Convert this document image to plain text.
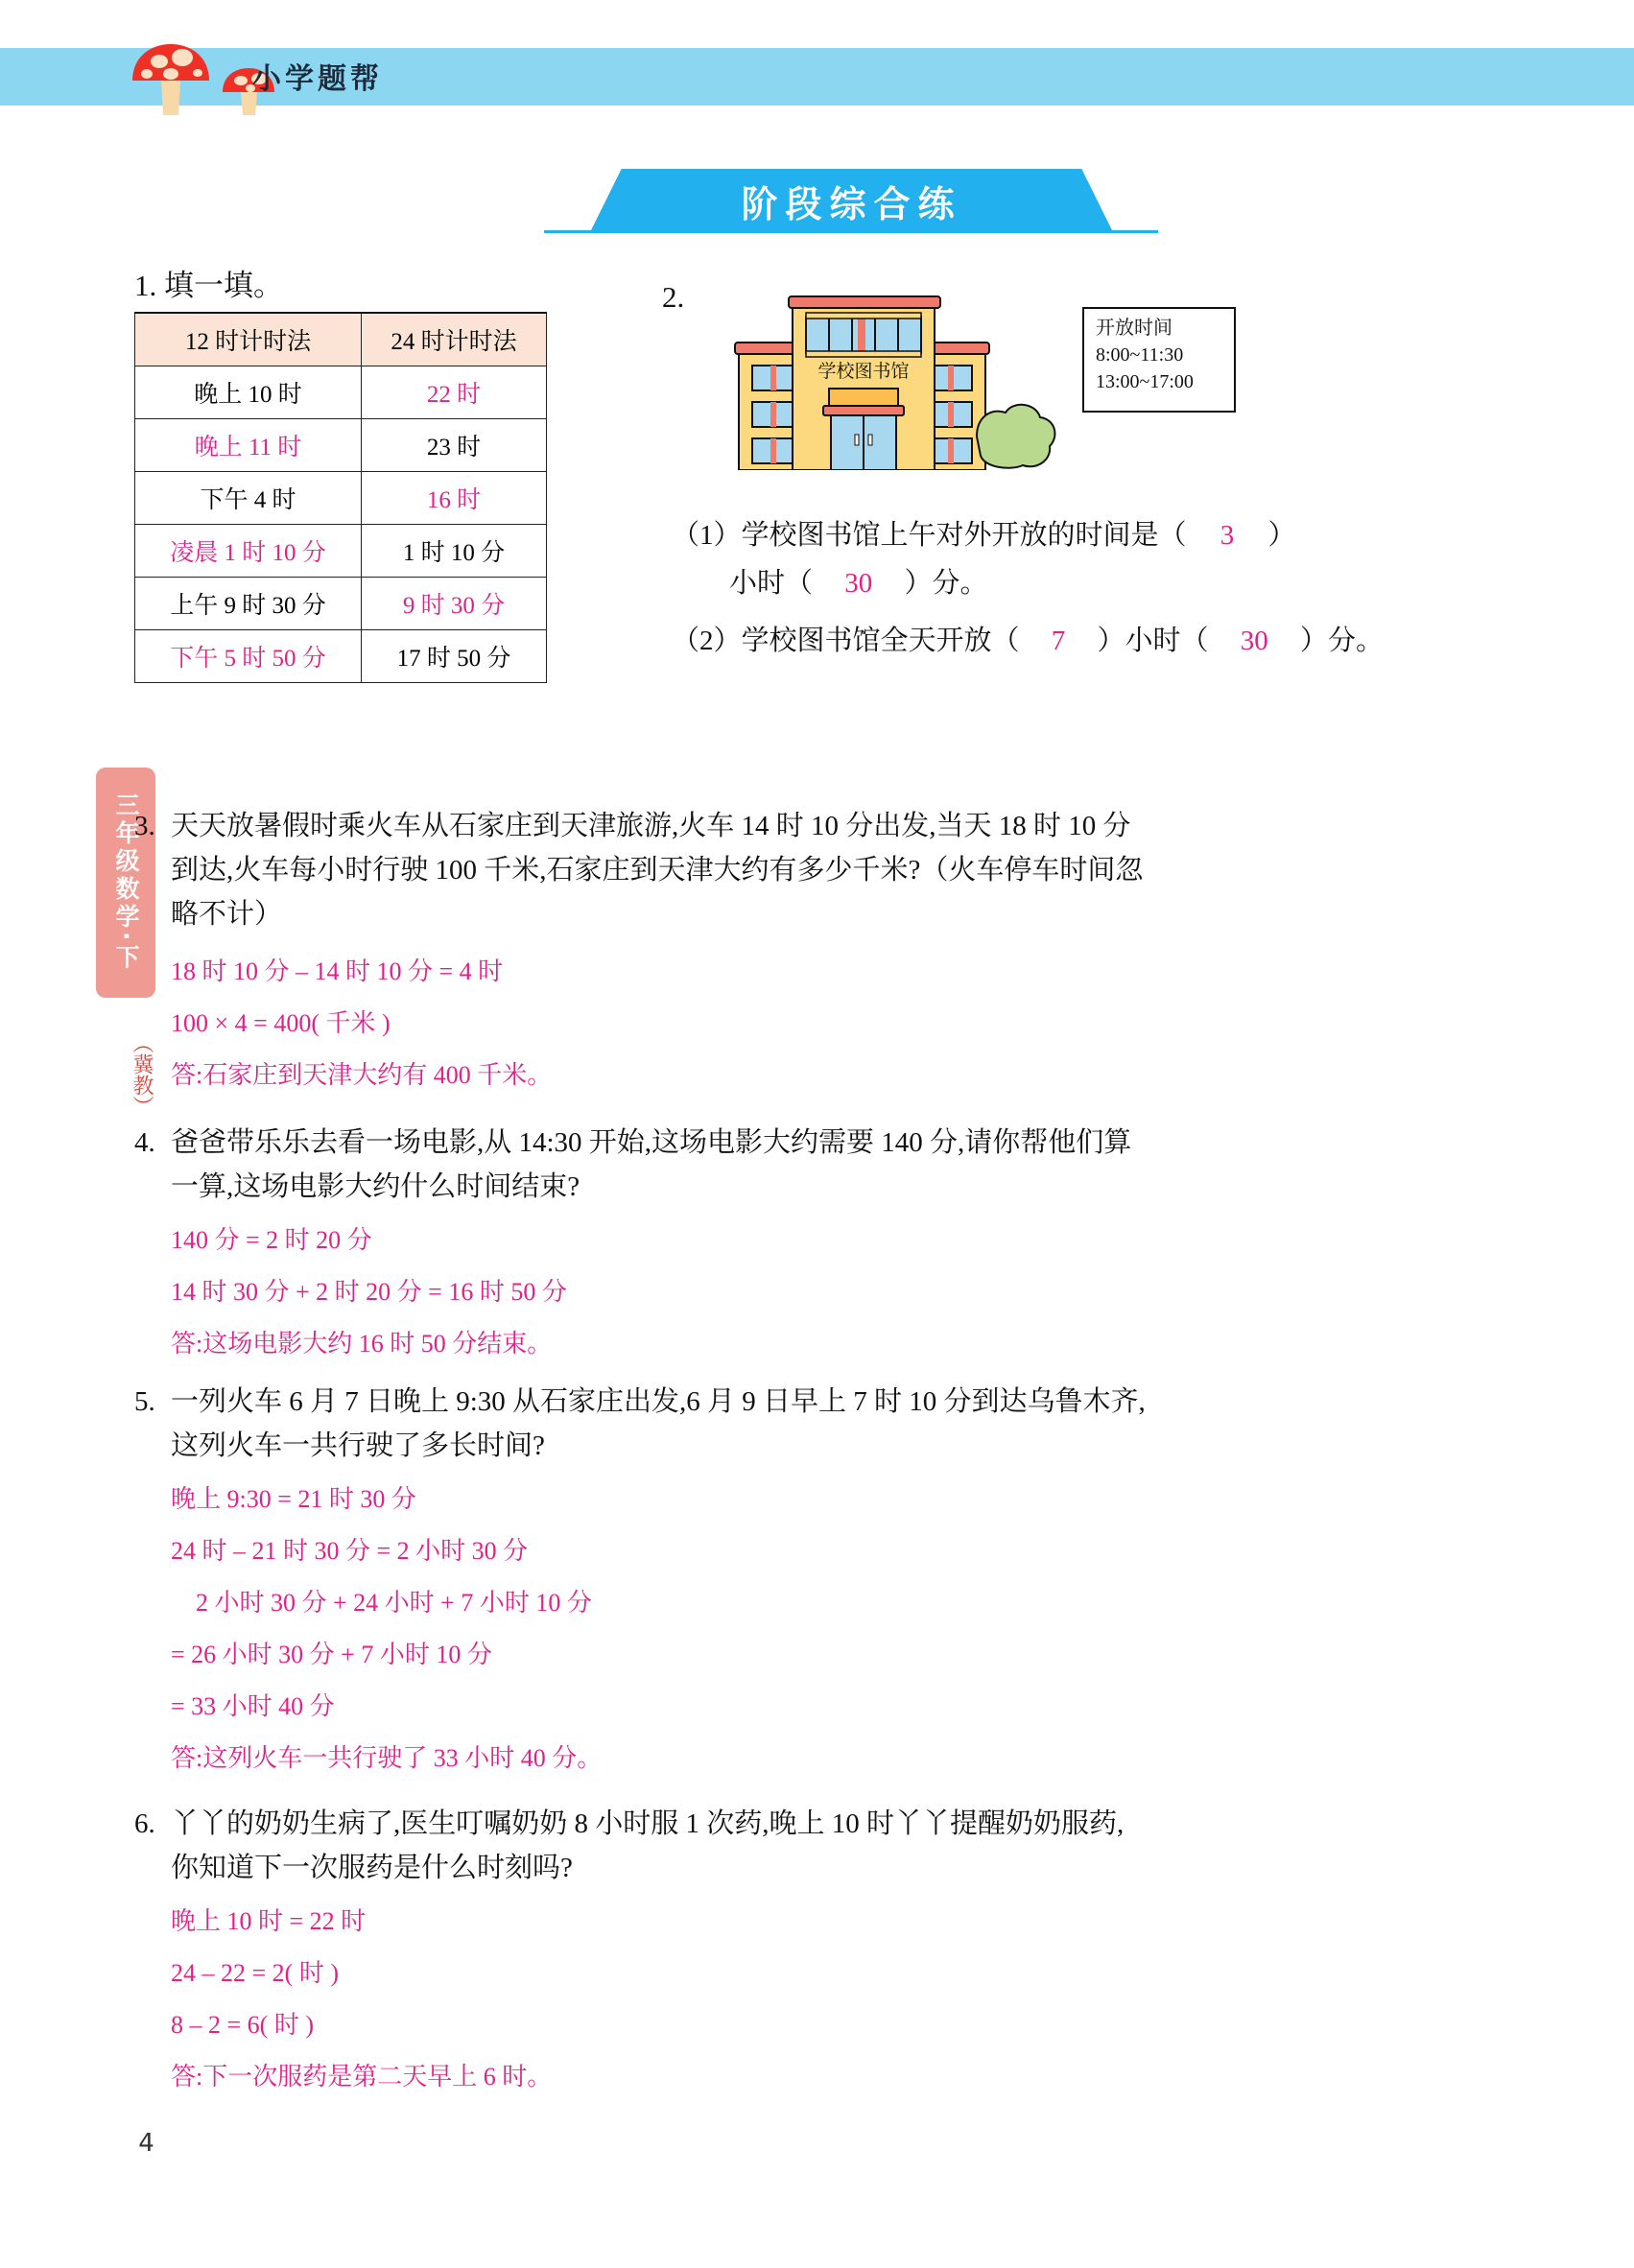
小学题帮
阶段综合练
三年级数学·下
（冀教）
4
1. 填一填。
12 时计时法	24 时计时法
晚上 10 时	22 时
晚上 11 时	23 时
下午 4 时	16 时
凌晨 1 时 10 分	1 时 10 分
上午 9 时 30 分	9 时 30 分
下午 5 时 50 分	17 时 50 分
2.
学校图书馆
开放时间
8:00~11:30
13:00~17:00
（1）学校图书馆上午对外开放的时间是（ 3 ）
小时（ 30 ）分。
（2）学校图书馆全天开放（ 7 ）小时（ 30 ）分。
3. 天天放暑假时乘火车从石家庄到天津旅游,火车 14 时 10 分出发,当天 18 时 10 分
到达,火车每小时行驶 100 千米,石家庄到天津大约有多少千米?（火车停车时间忽
略不计）
18 时 10 分 – 14 时 10 分 = 4 时
100 × 4 = 400( 千米 )
答:石家庄到天津大约有 400 千米。
4. 爸爸带乐乐去看一场电影,从 14:30 开始,这场电影大约需要 140 分,请你帮他们算
一算,这场电影大约什么时间结束?
140 分 = 2 时 20 分
14 时 30 分 + 2 时 20 分 = 16 时 50 分
答:这场电影大约 16 时 50 分结束。
5. 一列火车 6 月 7 日晚上 9:30 从石家庄出发,6 月 9 日早上 7 时 10 分到达乌鲁木齐,
这列火车一共行驶了多长时间?
晚上 9:30 = 21 时 30 分
24 时 – 21 时 30 分 = 2 小时 30 分
　2 小时 30 分 + 24 小时 + 7 小时 10 分
= 26 小时 30 分 + 7 小时 10 分
= 33 小时 40 分
答:这列火车一共行驶了 33 小时 40 分。
6. 丫丫的奶奶生病了,医生叮嘱奶奶 8 小时服 1 次药,晚上 10 时丫丫提醒奶奶服药,
你知道下一次服药是什么时刻吗?
晚上 10 时 = 22 时
24 – 22 = 2( 时 )
8 – 2 = 6( 时 )
答:下一次服药是第二天早上 6 时。
